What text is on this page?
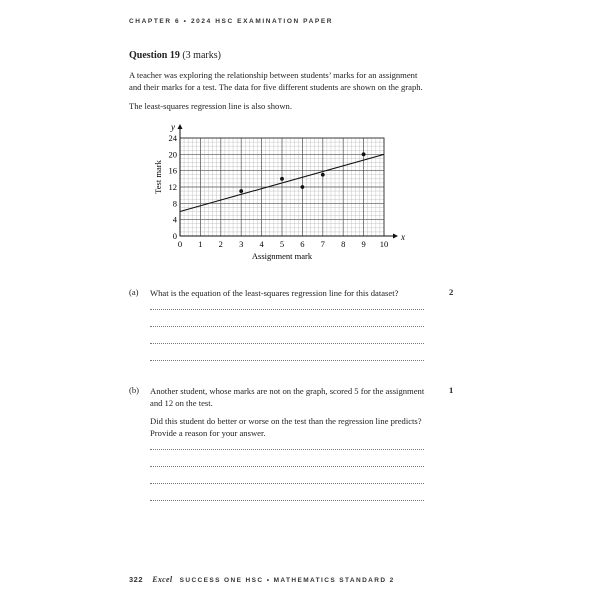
CHAPTER 6 • 2024 HSC EXAMINATION PAPER
Question 19 (3 marks)
A teacher was exploring the relationship between students’ marks for an assignment
and their marks for a test. The data for five different students are shown on the graph.
The least-squares regression line is also shown.
0 1 2 3 4 5 6 7 8 9 10
0
4
8
12
16
20
24
x
y
Assignment mark
Test mark
(a) What is the equation of the least-squares regression line for this dataset?	2
(b) Another student, whose marks are not on the graph, scored 5 for the assignment
and 12 on the test.
1
Did this student do better or worse on the test than the regression line predicts?
Provide a reason for your answer.
322 Excel SUCCESS ONE HSC • MATHEMATICS STANDARD 2
